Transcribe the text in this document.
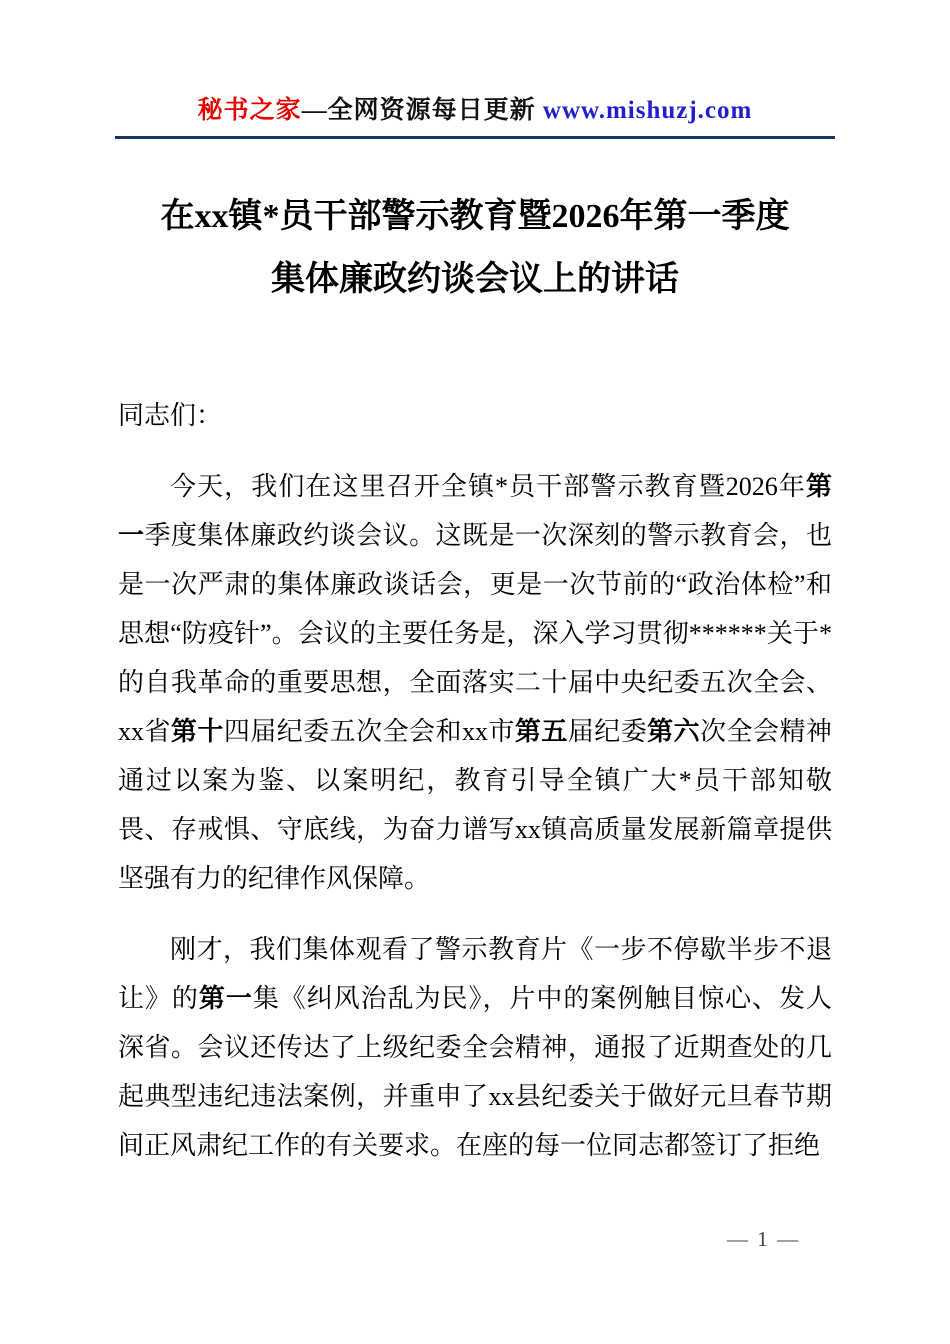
秘书之家—全网资源每日更新 www.mishuzj.com
在xx镇*员干部警示教育暨2026年第一季度
集体廉政约谈会议上的讲话

同志们：

今天，我们在这里召开全镇*员干部警示教育暨2026年第一季度集体廉政约谈会议。这既是一次深刻的警示教育会，也是一次严肃的集体廉政谈话会，更是一次节前的“政治体检”和思想“防疫针”。会议的主要任务是，深入学习贯彻******关于*的自我革命的重要思想，全面落实二十届中央纪委五次全会、xx省第十四届纪委五次全会和xx市第五届纪委第六次全会精神通过以案为鉴、以案明纪，教育引导全镇广大*员干部知敬畏、存戒惧、守底线，为奋力谱写xx镇高质量发展新篇章提供坚强有力的纪律作风保障。

刚才，我们集体观看了警示教育片《一步不停歇半步不退让》的第一集《纠风治乱为民》，片中的案例触目惊心、发人深省。会议还传达了上级纪委全会精神，通报了近期查处的几起典型违纪违法案例，并重申了xx县纪委关于做好元旦春节期间正风肃纪工作的有关要求。在座的每一位同志都签订了拒绝

— 1 —
